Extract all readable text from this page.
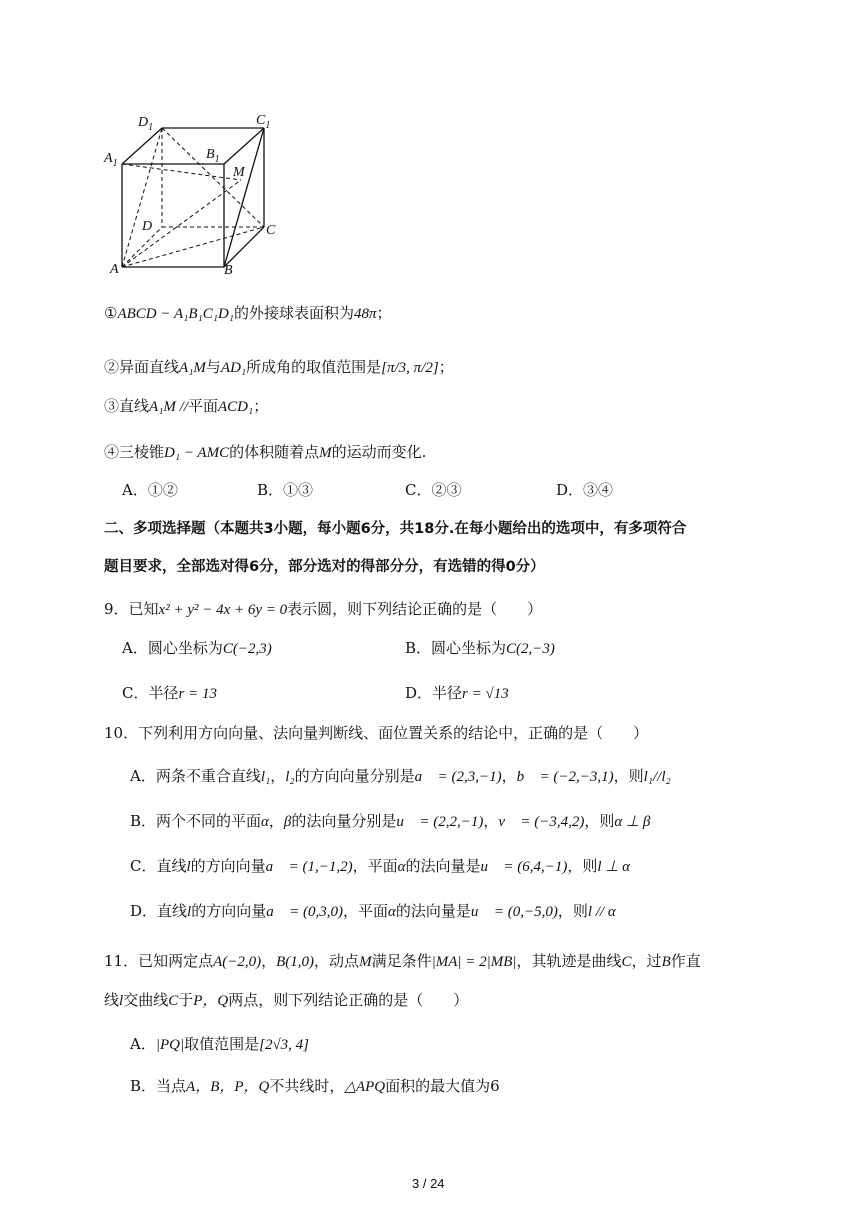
$D_1$	$C_1$
$A_1$
$B_1$
M
D	C
A	B
①ABCD − A₁B₁C₁D₁的外接球表面积为48π；
②异面直线A₁M与AD₁所成角的取值范围是[π/3, π/2]；
③直线A₁M //平面ACD₁；
④三棱锥D₁ − AMC的体积随着点M的运动而变化.
A．①②	B．①③	C．②③	D．③④
二、多项选择题（本题共3小题，每小题6分，共18分.在每小题给出的选项中，有多项符合
题目要求，全部选对得6分，部分选对的得部分分，有选错的得0分）
9．已知x² + y² − 4x + 6y = 0表示圆，则下列结论正确的是（　　）
A．圆心坐标为C(−2,3)	B．圆心坐标为C(2,−3)
C．半径r = 13	D．半径r = √13
10．下列利用方向向量、法向量判断线、面位置关系的结论中，正确的是（　　）
A．两条不重合直线l₁，l₂的方向向量分别是a⃗ = (2,3,−1)，b⃗ = (−2,−3,1)，则l₁//l₂
B．两个不同的平面α，β的法向量分别是u⃗ = (2,2,−1)，v⃗ = (−3,4,2)，则α ⊥ β
C．直线l的方向向量a⃗ = (1,−1,2)，平面α的法向量是u⃗ = (6,4,−1)，则l ⊥ α
D．直线l的方向向量a⃗ = (0,3,0)，平面α的法向量是u⃗ = (0,−5,0)，则l // α
11．已知两定点A(−2,0)，B(1,0)，动点M满足条件|MA| = 2|MB|，其轨迹是曲线C，过B作直
线l交曲线C于P，Q两点，则下列结论正确的是（　　）
A．|PQ|取值范围是[2√3, 4]
B．当点A，B，P，Q不共线时，△APQ面积的最大值为6
3 / 24
